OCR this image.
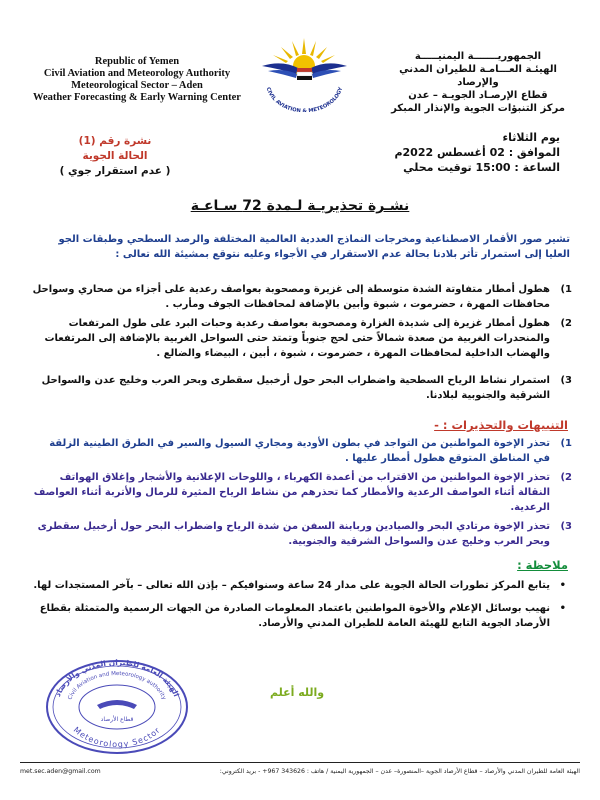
Republic of Yemen
Civil Aviation and Meteorology Authority
Meteorological Sector – Aden
Weather Forecasting & Early Warning Center
CIVIL AVIATION & METEOROLOGY
الجمهوريـــــــة اليمنيـــــة
الهيئـة العـــامـة للطيران المدني والإرصاد
قطاع الإرصـاد الجويـة – عدن
مركز التنبؤات الجوية والإنذار المبكر
يوم الثلاثاء
الموافق : 02 أغسطس 2022م
الساعة : 15:00 توقيت محلي
نشرة رقم (1)
الحالة الجوية
( عدم استقرار جوي )
نشـرة تحذيريـة لـمدة 72 سـاعـة
تشير صور الأقمار الاصطناعية ومخرجات النماذج العددية العالمية المختلفة والرصد السطحي وطبقات الجو العليا إلى استمرار تأثر بلادنا بحالة عدم الاستقرار في الأجواء وعليه نتوقع بمشيئة الله تعالى :
1)
هطول أمطار متفاوتة الشدة متوسطة إلى غزيرة ومصحوبة بعواصف رعدية على أجزاء من صحاري وسواحل محافظات المهرة ، حضرموت ، شبوة وأبين بالإضافة لمحافظات الجوف ومأرب .
2)
هطول أمطار غزيرة إلى شديدة الغزارة ومصحوبة بعواصف رعدية وحبات البرد على طول المرتفعات والمنحدرات الغربية من صعدة شمالاً حتى لحج جنوباً وتمتد حتى السواحل الغربية بالإضافة إلى المرتفعات والهضاب الداخلية لمحافظات المهرة ، حضرموت ، شبوة ، أبين ، البيضاء والضالع .
3)
استمرار نشاط الرياح السطحية واضطراب البحر حول أرخبيل سقطرى وبحر العرب وخليج عدن والسواحل الشرقية والجنوبية لبلادنا.
التنبيهات والتحذيرات : -
1)
تحذر الإخوة المواطنين من التواجد في بطون الأودية ومجاري السيول والسير في الطرق الطينية الزلقة في المناطق المتوقع هطول أمطار عليها .
2)
تحذر الإخوة المواطنين من الاقتراب من أعمدة الكهرباء ، واللوحات الإعلانية والأشجار وإغلاق الهواتف النقالة أثناء العواصف الرعدية والأمطار كما تحذرهم من نشاط الرياح المثيرة للرمال والأتربة أثناء العواصف الرعدية.
3)
تحذر الإخوة مرتادي البحر والصيادين وربابنة السفن من شدة الرياح واضطراب البحر حول أرخبيل سقطرى وبحر العرب وخليج عدن والسواحل الشرقية والجنوبية.
ملاحظة :
•
يتابع المركز تطورات الحالة الجوية على مدار 24 ساعة وسنوافيكم – بإذن الله تعالى – بآخر المستجدات لها.
•
نهيب بوسائل الإعلام والأخوة المواطنين باعتماد المعلومات الصادرة من الجهات الرسمية والمتمثلة بقطاع الأرصاد الجوية التابع للهيئة العامة للطيران المدني والأرصاد.
الهيئة العامة للطيران المدني والأرصاد
Civil Aviation and Meteorology authority
Meteorology Sector
قطاع الأرصاد
والله أعلم
الهيئة العامة للطيران المدني والأرصاد – قطاع الأرصاد الجوية –المنصورة– عدن – الجمهورية اليمنية / هاتف : 343626 967+ - بريد الكتروني:
met.sec.aden@gmail.com
